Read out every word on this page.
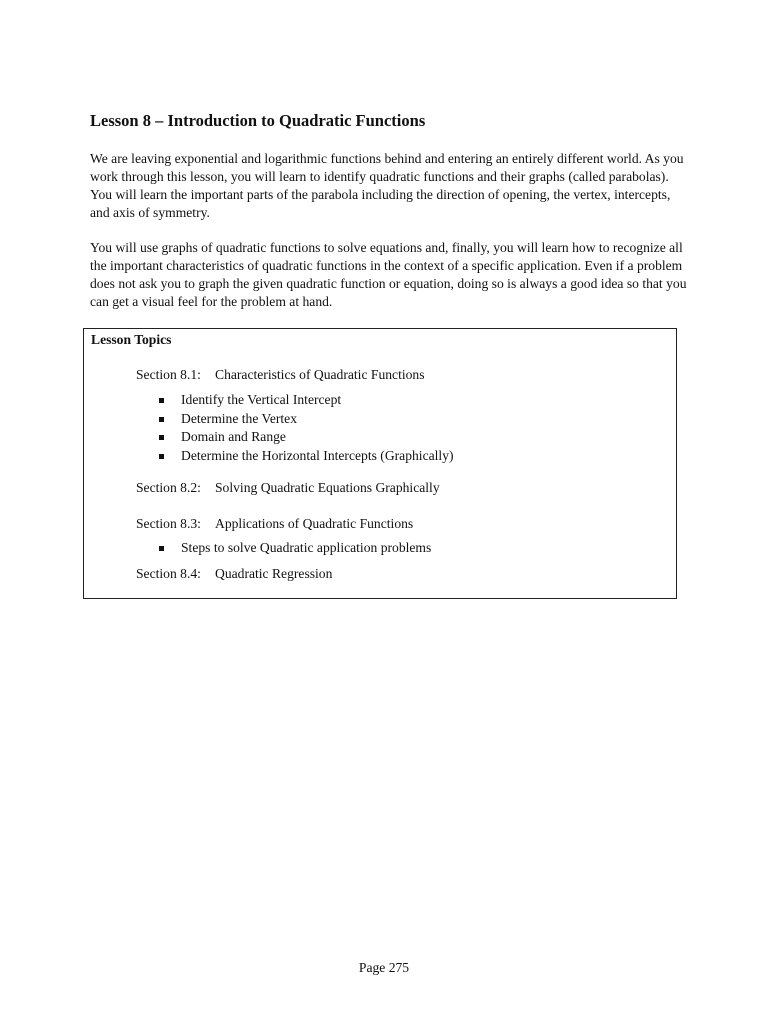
Lesson 8 – Introduction to Quadratic Functions

We are leaving exponential and logarithmic functions behind and entering an entirely different world. As you work through this lesson, you will learn to identify quadratic functions and their graphs (called parabolas). You will learn the important parts of the parabola including the direction of opening, the vertex, intercepts, and axis of symmetry.

You will use graphs of quadratic functions to solve equations and, finally, you will learn how to recognize all the important characteristics of quadratic functions in the context of a specific application. Even if a problem does not ask you to graph the given quadratic function or equation, doing so is always a good idea so that you can get a visual feel for the problem at hand.

Lesson Topics
Section 8.1: Characteristics of Quadratic Functions
Identify the Vertical Intercept
Determine the Vertex
Domain and Range
Determine the Horizontal Intercepts (Graphically)
Section 8.2: Solving Quadratic Equations Graphically
Section 8.3: Applications of Quadratic Functions
Steps to solve Quadratic application problems
Section 8.4: Quadratic Regression
Page 275
